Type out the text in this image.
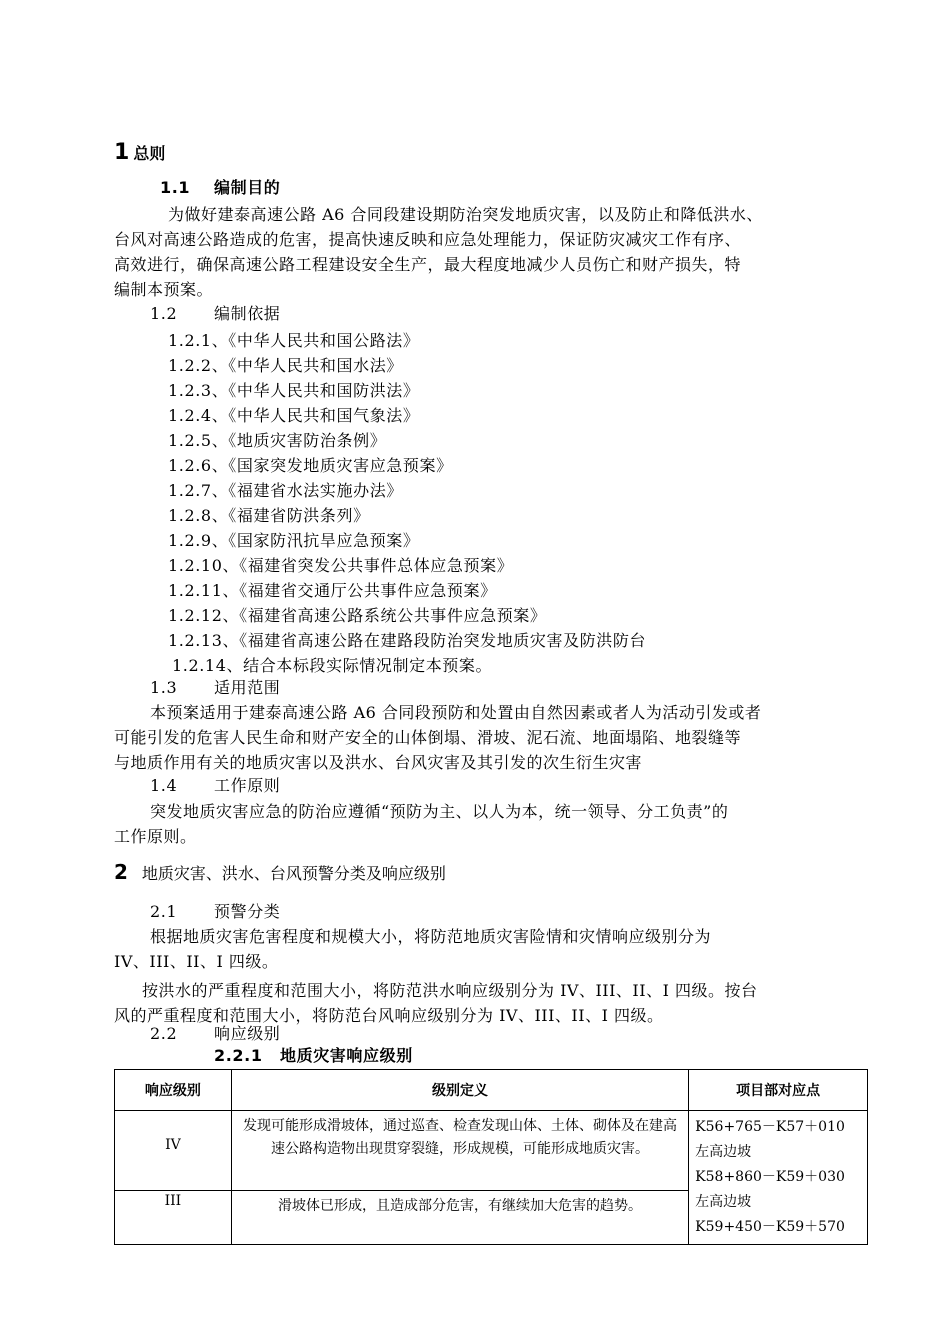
1 总则
1.1 编制目的

为做好建泰高速公路 A6 合同段建设期防治突发地质灾害，以及防止和降低洪水、

台风对高速公路造成的危害，提高快速反映和应急处理能力，保证防灾减灾工作有序、

高效进行，确保高速公路工程建设安全生产，最大程度地减少人员伤亡和财产损失，特

编制本预案。

1.2 编制依据
1.2.1、《中华人民共和国公路法》
1.2.2、《中华人民共和国水法》
1.2.3、《中华人民共和国防洪法》
1.2.4、《中华人民共和国气象法》
1.2.5、《地质灾害防治条例》
1.2.6、《国家突发地质灾害应急预案》
1.2.7、《福建省水法实施办法》
1.2.8、《福建省防洪条列》
1.2.9、《国家防汛抗旱应急预案》
1.2.10、《福建省突发公共事件总体应急预案》
1.2.11、《福建省交通厅公共事件应急预案》
1.2.12、《福建省高速公路系统公共事件应急预案》
1.2.13、《福建省高速公路在建路段防治突发地质灾害及防洪防台
1.2.14、结合本标段实际情况制定本预案。
1.3 适用范围

本预案适用于建泰高速公路 A6 合同段预防和处置由自然因素或者人为活动引发或者

可能引发的危害人民生命和财产安全的山体倒塌、滑坡、泥石流、地面塌陷、地裂缝等

与地质作用有关的地质灾害以及洪水、台风灾害及其引发的次生衍生灾害

1.4 工作原则

突发地质灾害应急的防治应遵循“预防为主、以人为本，统一领导、分工负责”的

工作原则。

2 地质灾害、洪水、台风预警分类及响应级别
2.1 预警分类

根据地质灾害危害程度和规模大小，将防范地质灾害险情和灾情响应级别分为

IV、III、II、I 四级。

按洪水的严重程度和范围大小，将防范洪水响应级别分为 IV、III、II、I 四级。按台

风的严重程度和范围大小，将防范台风响应级别分为 IV、III、II、I 四级。

2.2 响应级别
2.2.1 地质灾害响应级别
响应级别	级别定义	项目部对应点

IV	发现可能形成滑坡体，通过巡查、检查发现山体、土体、砌体及在建高速公路构造物出现贯穿裂缝，形成规模，可能形成地质灾害。	K56+765－K57＋010
左高边坡
K58+860－K59＋030
左高边坡
K59+450－K59＋570

III	滑坡体已形成，且造成部分危害，有继续加大危害的趋势。	
